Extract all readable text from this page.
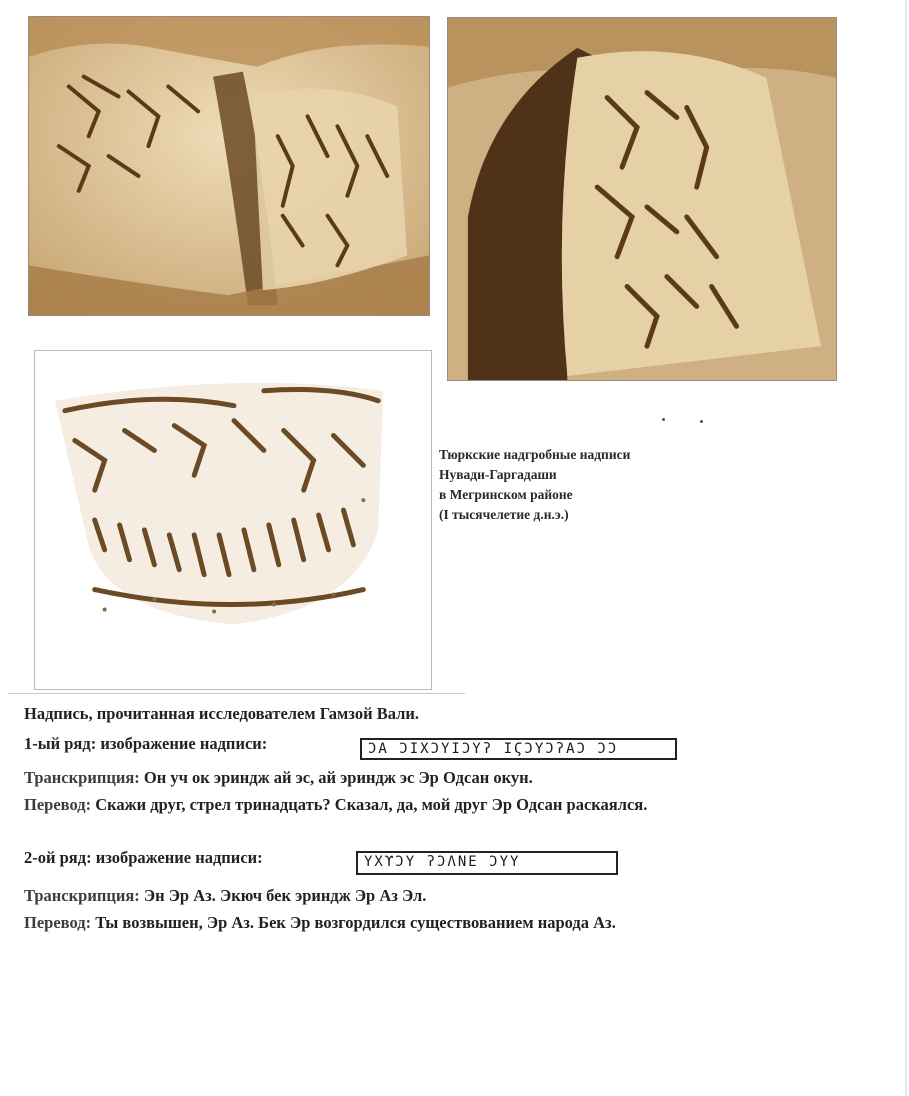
Тюркские надгробные надписи
Нувади-Гаргадаши
в Мегринском районе
(I тысячелетие д.н.э.)
Надпись, прочитанная исследователем Гамзой Вали.
1-ый ряд: изображение надписи:	ϽΑ ϽIΧϽYIϽYʔ ΙϚϽYϽʔΑϽ ϽϽ
Транскрипция: Он уч ок эриндж ай эс, ай эриндж эс Эр Одсан окун.
Перевод: Скажи друг, стрел тринадцать? Сказал, да, мой друг Эр Одсан раскаялся.
2-ой ряд: изображение надписи:	YXϒϽY ʔϽΛNE ϽYY
Транскрипция: Эн Эр Аз. Экюч бек эриндж Эр Аз Эл.
Перевод: Ты возвышен, Эр Аз. Бек Эр возгордился существованием народа Аз.
